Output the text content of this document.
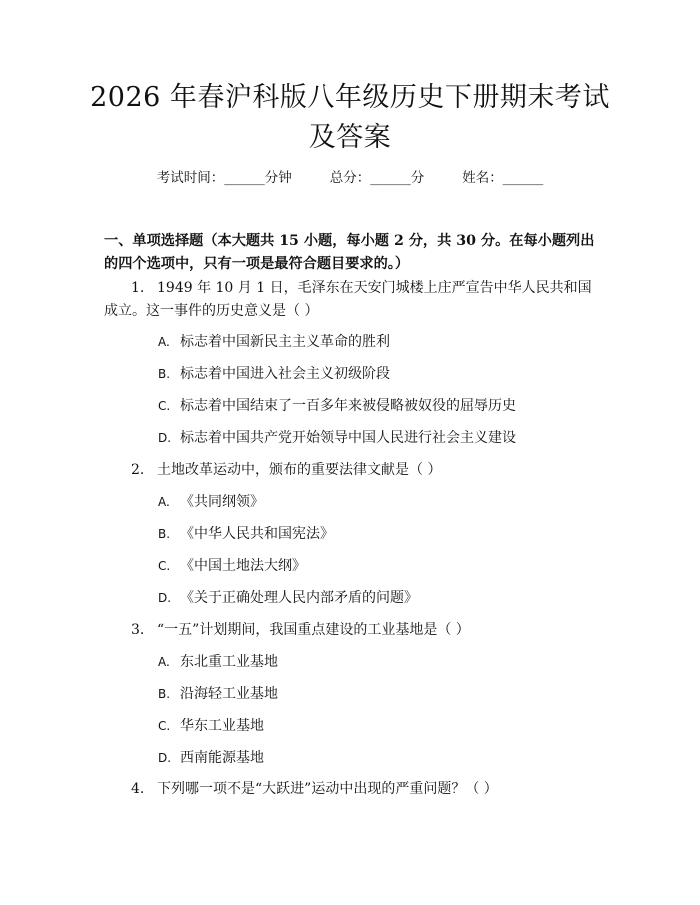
2026 年春沪科版八年级历史下册期末考试及答案
考试时间：______分钟	总分：______分	姓名：______
一、单项选择题（本大题共 15 小题，每小题 2 分，共 30 分。在每小题列出的四个选项中，只有一项是最符合题目要求的。）
1. 1949 年 10 月 1 日，毛泽东在天安门城楼上庄严宣告中华人民共和国成立。这一事件的历史意义是（ ）
A. 标志着中国新民主主义革命的胜利
B. 标志着中国进入社会主义初级阶段
C. 标志着中国结束了一百多年来被侵略被奴役的屈辱历史
D. 标志着中国共产党开始领导中国人民进行社会主义建设
2. 土地改革运动中，颁布的重要法律文献是（ ）
A. 《共同纲领》
B. 《中华人民共和国宪法》
C. 《中国土地法大纲》
D. 《关于正确处理人民内部矛盾的问题》
3. “一五”计划期间，我国重点建设的工业基地是（ ）
A. 东北重工业基地
B. 沿海轻工业基地
C. 华东工业基地
D. 西南能源基地
4. 下列哪一项不是“大跃进”运动中出现的严重问题？（ ）
